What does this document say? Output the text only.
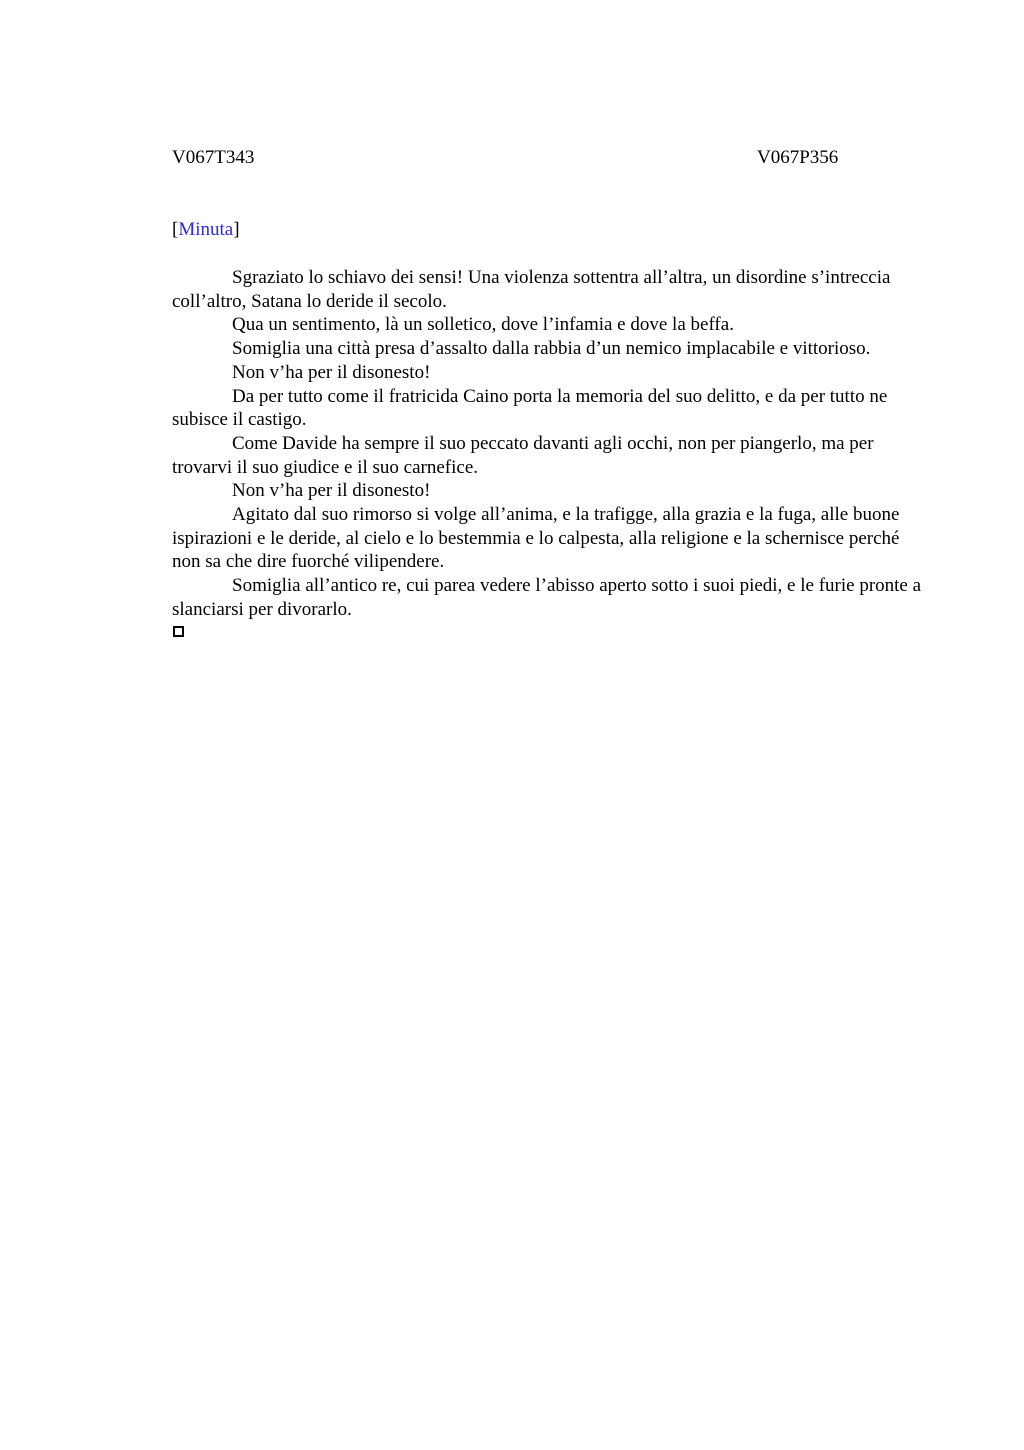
V067T343	V067P356
[Minuta]

Sgraziato lo schiavo dei sensi! Una violenza sottentra all’altra, un disordine s’intreccia coll’altro, Satana lo deride il secolo.

Qua un sentimento, là un solletico, dove l’infamia e dove la beffa.

Somiglia una città presa d’assalto dalla rabbia d’un nemico implacabile e vittorioso.

Non v’ha per il disonesto!

Da per tutto come il fratricida Caino porta la memoria del suo delitto, e da per tutto ne subisce il castigo.

Come Davide ha sempre il suo peccato davanti agli occhi, non per piangerlo, ma per trovarvi il suo giudice e il suo carnefice.

Non v’ha per il disonesto!

Agitato dal suo rimorso si volge all’anima, e la trafigge, alla grazia e la fuga, alle buone ispirazioni e le deride, al cielo e lo bestemmia e lo calpesta, alla religione e la schernisce perché non sa che dire fuorché vilipendere.

Somiglia all’antico re, cui parea vedere l’abisso aperto sotto i suoi piedi, e le furie pronte a slanciarsi per divorarlo.
